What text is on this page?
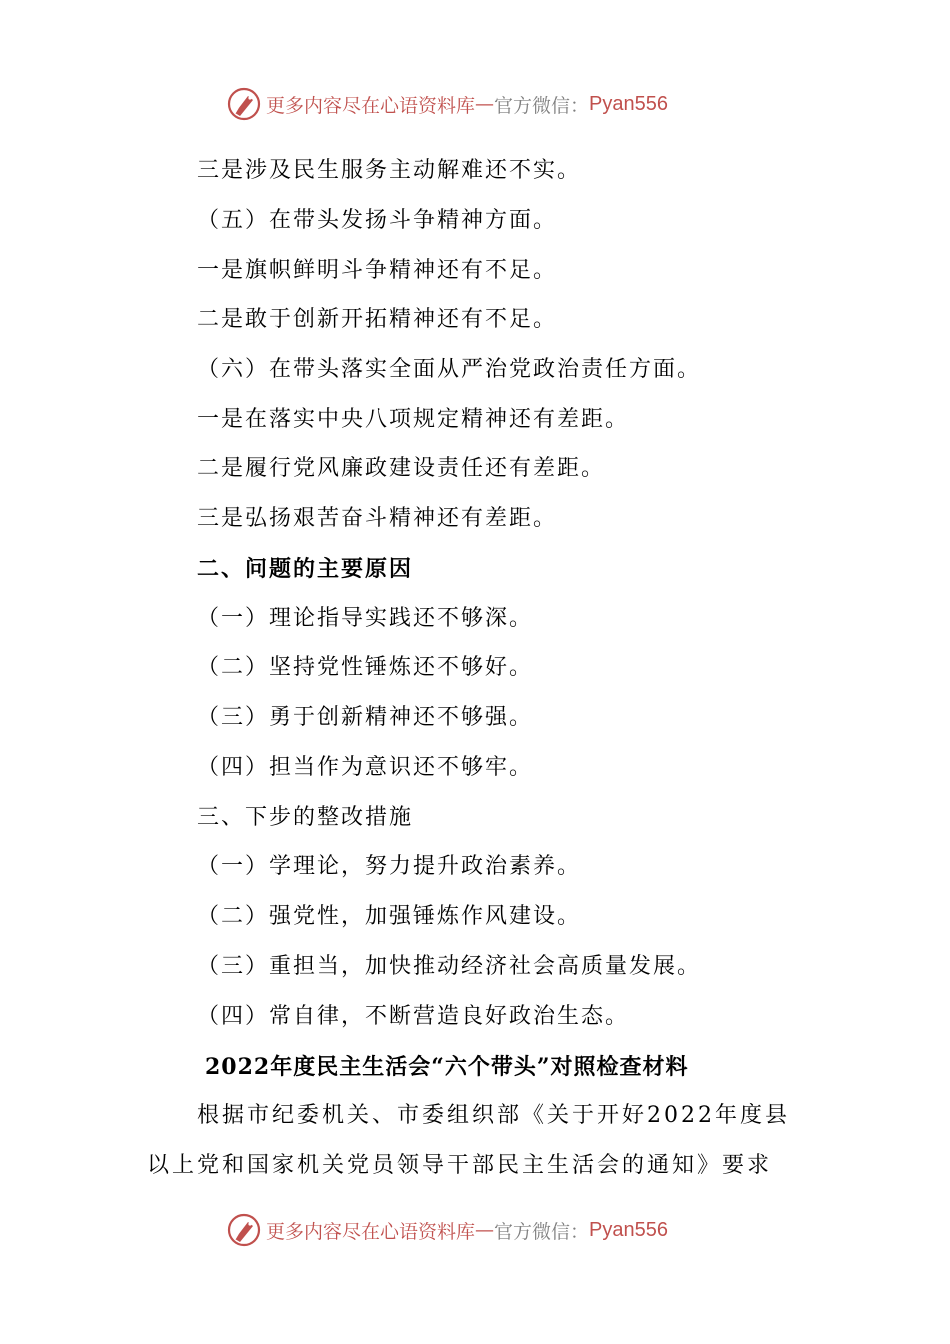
更多内容尽在心语资料库 — 官方微信： Pyan556
三是涉及民生服务主动解难还不实。
（五）在带头发扬斗争精神方面。
一是旗帜鲜明斗争精神还有不足。
二是敢于创新开拓精神还有不足。
（六）在带头落实全面从严治党政治责任方面。
一是在落实中央八项规定精神还有差距。
二是履行党风廉政建设责任还有差距。
三是弘扬艰苦奋斗精神还有差距。
二、问题的主要原因
（一）理论指导实践还不够深。
（二）坚持党性锤炼还不够好。
（三）勇于创新精神还不够强。
（四）担当作为意识还不够牢。
三、下步的整改措施
（一）学理论，努力提升政治素养。
（二）强党性，加强锤炼作风建设。
（三）重担当，加快推动经济社会高质量发展。
（四）常自律，不断营造良好政治生态。
2022年度民主生活会“六个带头”对照检查材料
根据市纪委机关、市委组织部《关于开好2022年度县
以上党和国家机关党员领导干部民主生活会的通知》要求
更多内容尽在心语资料库 — 官方微信： Pyan556
